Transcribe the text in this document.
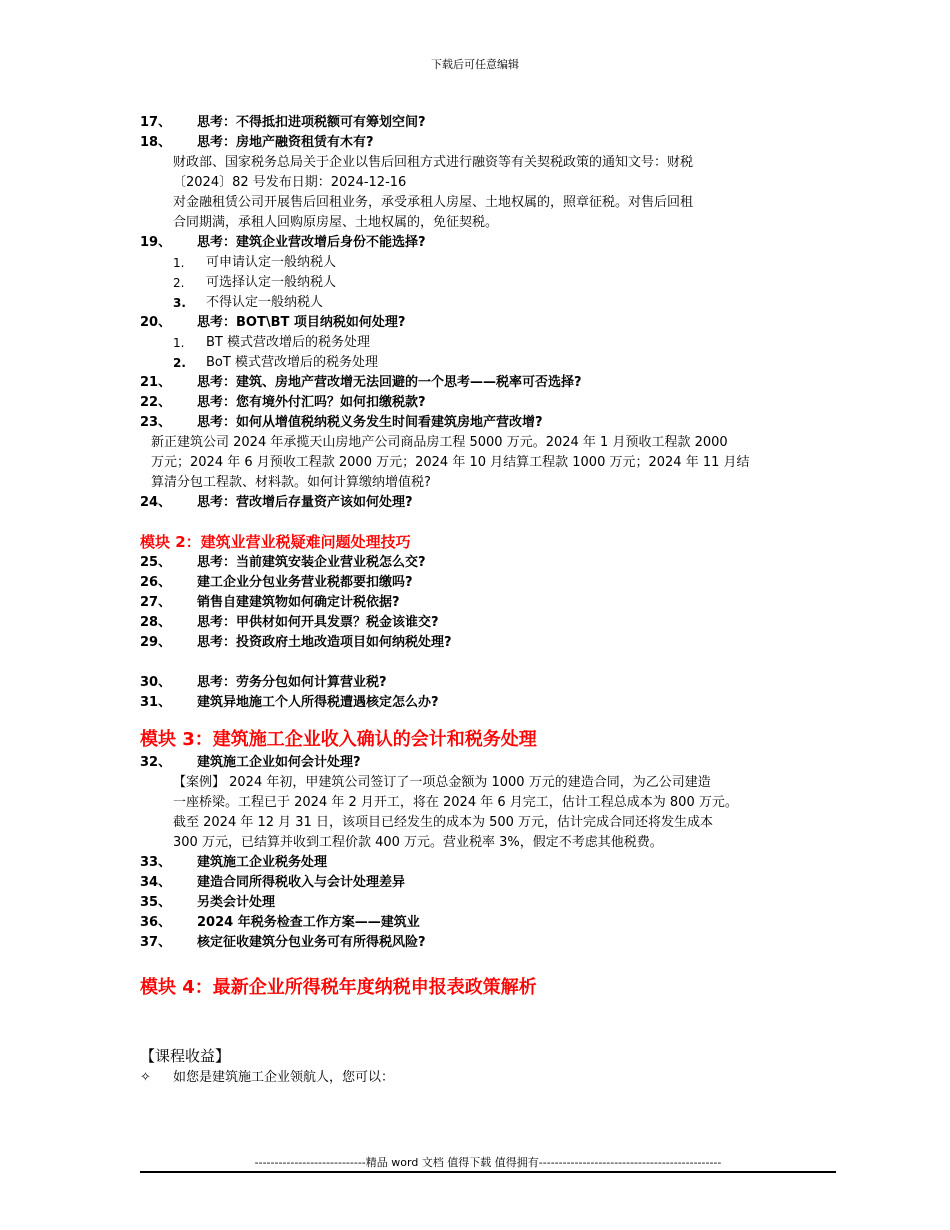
下载后可任意编辑
17、	思考：不得抵扣进项税额可有筹划空间?
18、	思考：房地产融资租赁有木有?
财政部、国家税务总局关于企业以售后回租方式进行融资等有关契税政策的通知文号：财税
〔2024〕82 号发布日期：2024-12-16
对金融租赁公司开展售后回租业务，承受承租人房屋、土地权属的，照章征税。对售后回租
合同期满，承租人回购原房屋、土地权属的，免征契税。
19、	思考：建筑企业营改增后身份不能选择?
1.	可申请认定一般纳税人
2.	可选择认定一般纳税人
3.	不得认定一般纳税人
20、	思考：BOT\BT 项目纳税如何处理?
1.	BT 模式营改增后的税务处理
2.	BoT 模式营改增后的税务处理
21、	思考：建筑、房地产营改增无法回避的一个思考——税率可否选择?
22、	思考：您有境外付汇吗？如何扣缴税款?
23、	思考：如何从增值税纳税义务发生时间看建筑房地产营改增?
新正建筑公司 2024 年承揽天山房地产公司商品房工程 5000 万元。2024 年 1 月预收工程款 2000
万元；2024 年 6 月预收工程款 2000 万元；2024 年 10 月结算工程款 1000 万元；2024 年 11 月结
算清分包工程款、材料款。如何计算缴纳增值税?
24、	思考：营改增后存量资产该如何处理?
模块 2：建筑业营业税疑难问题处理技巧
25、	思考：当前建筑安装企业营业税怎么交?
26、	建工企业分包业务营业税都要扣缴吗?
27、	销售自建建筑物如何确定计税依据?
28、	思考：甲供材如何开具发票？税金该谁交?
29、	思考：投资政府土地改造项目如何纳税处理?
30、	思考：劳务分包如何计算营业税?
31、	建筑异地施工个人所得税遭遇核定怎么办?
模块 3：建筑施工企业收入确认的会计和税务处理
32、	建筑施工企业如何会计处理?
【案例】 2024 年初，甲建筑公司签订了一项总金额为 1000 万元的建造合同，为乙公司建造
一座桥梁。工程已于 2024 年 2 月开工，将在 2024 年 6 月完工，估计工程总成本为 800 万元。
截至 2024 年 12 月 31 日，该项目已经发生的成本为 500 万元，估计完成合同还将发生成本
300 万元，已结算并收到工程价款 400 万元。营业税率 3%，假定不考虑其他税费。
33、	建筑施工企业税务处理
34、	建造合同所得税收入与会计处理差异
35、	另类会计处理
36、	2024 年税务检查工作方案——建筑业
37、	核定征收建筑分包业务可有所得税风险?
模块 4：最新企业所得税年度纳税申报表政策解析
【课程收益】
✧	如您是建筑施工企业领航人，您可以：
----------------------------精品 word 文档 值得下载 值得拥有----------------------------------------------
